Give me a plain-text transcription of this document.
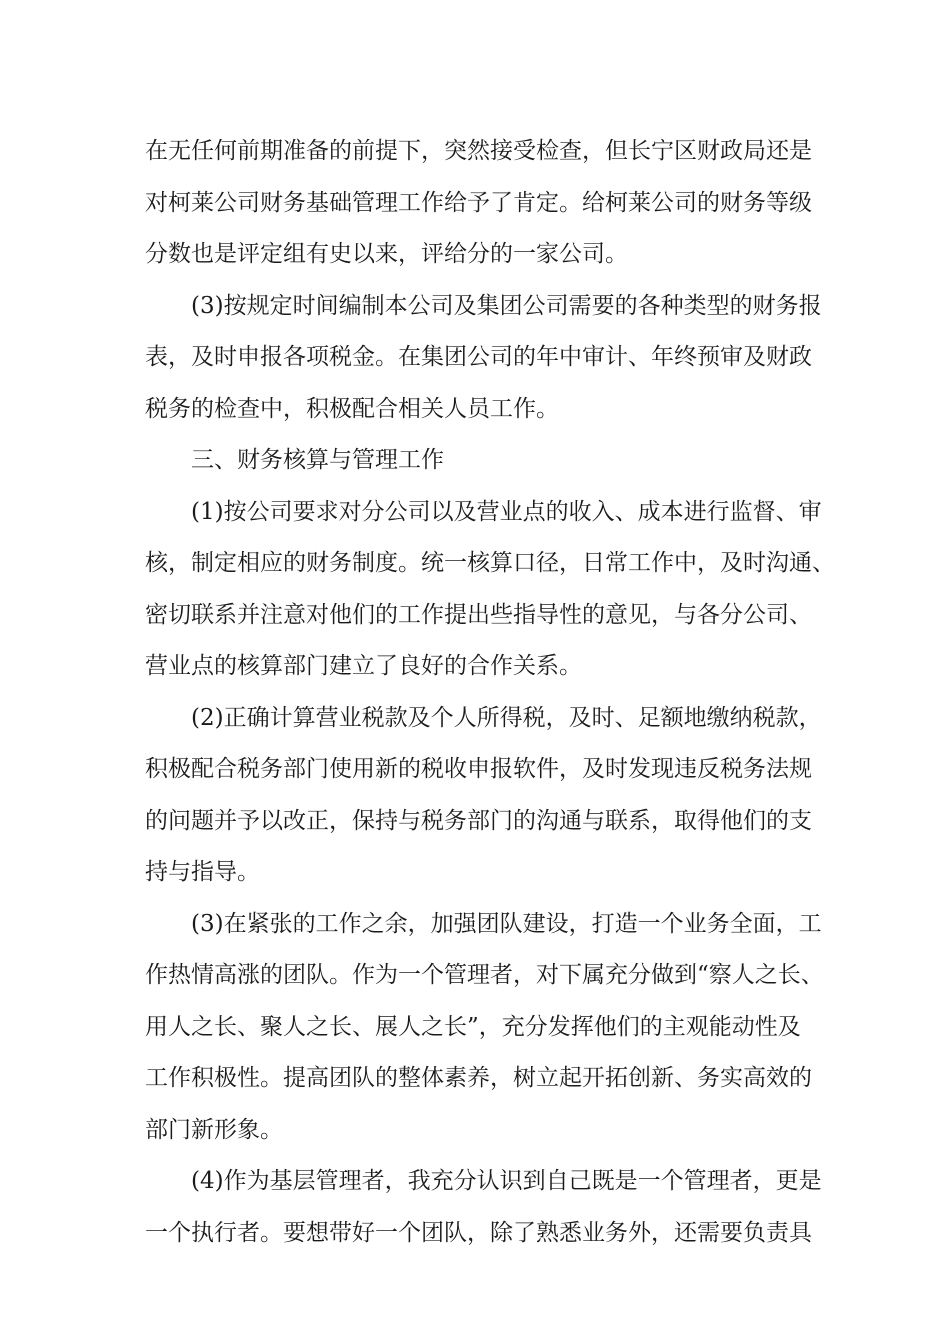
在无任何前期准备的前提下，突然接受检查，但长宁区财政局还是
对柯莱公司财务基础管理工作给予了肯定。给柯莱公司的财务等级
分数也是评定组有史以来，评给分的一家公司。
(3)按规定时间编制本公司及集团公司需要的各种类型的财务报
表，及时申报各项税金。在集团公司的年中审计、年终预审及财政
税务的检查中，积极配合相关人员工作。
三、财务核算与管理工作
(1)按公司要求对分公司以及营业点的收入、成本进行监督、审
核，制定相应的财务制度。统一核算口径，日常工作中，及时沟通、
密切联系并注意对他们的工作提出些指导性的意见，与各分公司、
营业点的核算部门建立了良好的合作关系。
(2)正确计算营业税款及个人所得税，及时、足额地缴纳税款，
积极配合税务部门使用新的税收申报软件，及时发现违反税务法规
的问题并予以改正，保持与税务部门的沟通与联系，取得他们的支
持与指导。
(3)在紧张的工作之余，加强团队建设，打造一个业务全面，工
作热情高涨的团队。作为一个管理者，对下属充分做到“察人之长、
用人之长、聚人之长、展人之长”，充分发挥他们的主观能动性及
工作积极性。提高团队的整体素养，树立起开拓创新、务实高效的
部门新形象。
(4)作为基层管理者，我充分认识到自己既是一个管理者，更是
一个执行者。要想带好一个团队，除了熟悉业务外，还需要负责具
